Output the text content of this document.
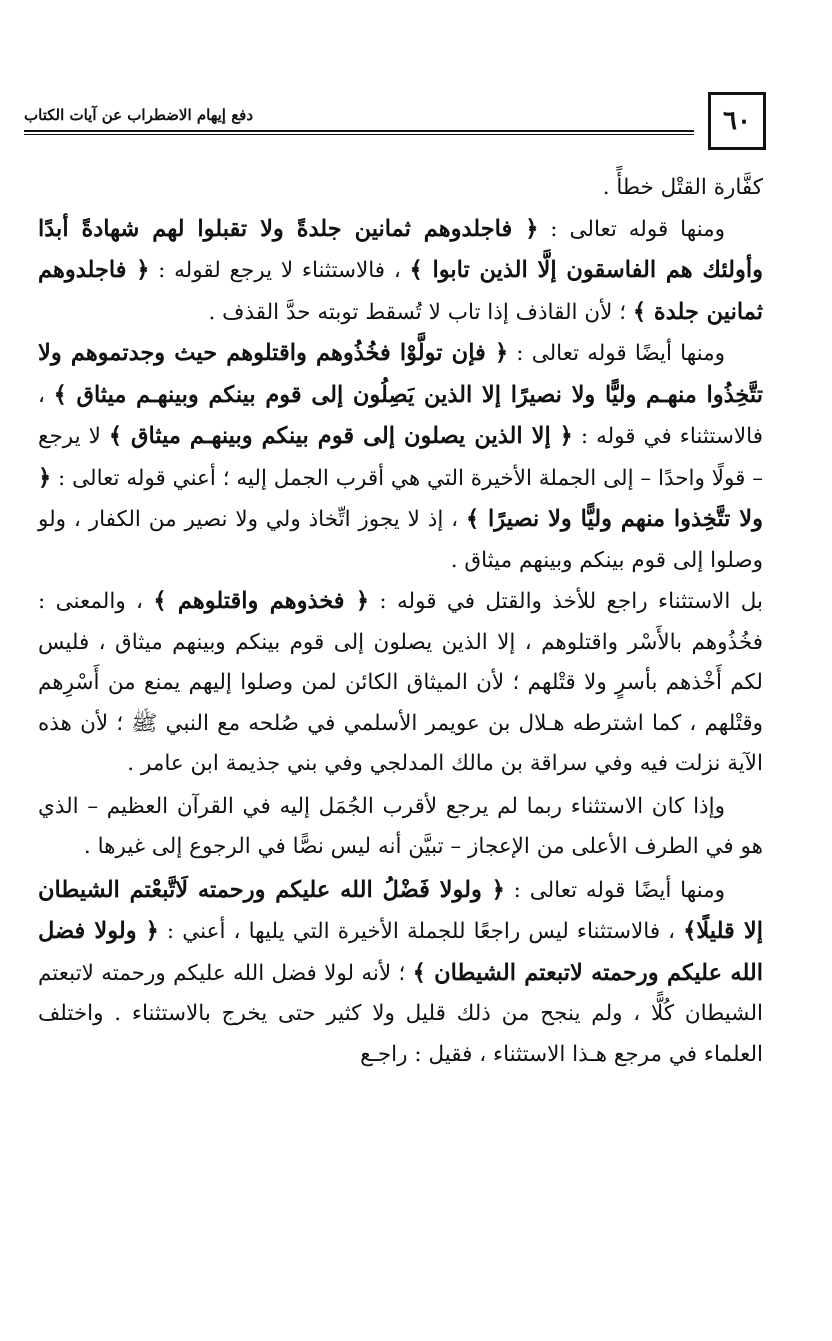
٦٠
دفع إيهام الاضطراب عن آيات الكتاب

كفَّارة القتْل خطأً .

ومنها قوله تعالى : ﴿ فاجلدوهم ثمانين جلدةً ولا تقبلوا لهم شهادةً أبدًا وأولئك هم الفاسقون إلَّا الذين تابوا ﴾ ، فالاستثناء لا يرجع لقوله : ﴿ فاجلدوهم ثمانين جلدة ﴾ ؛ لأن القاذف إذا تاب لا تُسقط توبته حدَّ القذف .

ومنها أيضًا قوله تعالى : ﴿ فإن تولَّوْا فخُذُوهم واقتلوهم حيث وجدتموهم ولا تتَّخِذُوا منهـم وليًّا ولا نصيرًا إلا الذين يَصِلُون إلى قوم بينكم وبينهـم ميثاق ﴾ ، فالاستثناء في قوله : ﴿ إلا الذين يصلون إلى قوم بينكم وبينهـم ميثاق ﴾ لا يرجع – قولًا واحدًا – إلى الجملة الأخيرة التي هي أقرب الجمل إليه ؛ أعني قوله تعالى : ﴿ ولا تتَّخِذوا منهم وليًّا ولا نصيرًا ﴾ ، إذ لا يجوز اتِّخاذ ولي ولا نصير من الكفار ، ولو وصلوا إلى قوم بينكم وبينهم ميثاق .

بل الاستثناء راجع للأخذ والقتل في قوله : ﴿ فخذوهم واقتلوهم ﴾ ، والمعنى : فخُذُوهم بالأَسْر واقتلوهم ، إلا الذين يصلون إلى قوم بينكم وبينهم ميثاق ، فليس لكم أَخْذهم بأسرٍ ولا قتْلهم ؛ لأن الميثاق الكائن لمن وصلوا إليهم يمنع من أَسْرِهم وقتْلهم ، كما اشترطه هـلال بن عويمر الأسلمي في صُلحه مع النبي ﷺ ؛ لأن هذه الآية نزلت فيه وفي سراقة بن مالك المدلجي وفي بني جذيمة ابن عامر .

وإذا كان الاستثناء ربما لم يرجع لأقرب الجُمَل إليه في القرآن العظيم – الذي هو في الطرف الأعلى من الإعجاز – تبيَّن أنه ليس نصًّا في الرجوع إلى غيرها .

ومنها أيضًا قوله تعالى : ﴿ ولولا فَضْلُ الله عليكم ورحمته لَاتَّبعْتم الشيطان إلا قليلًا﴾ ، فالاستثناء ليس راجعًا للجملة الأخيرة التي يليها ، أعني : ﴿ ولولا فضل الله عليكم ورحمته لاتبعتم الشيطان ﴾ ؛ لأنه لولا فضل الله عليكم ورحمته لاتبعتم الشيطان كُلًّا ، ولم ينجح من ذلك قليل ولا كثير حتى يخرج بالاستثناء . واختلف العلماء في مرجع هـذا الاستثناء ، فقيل : راجـع
